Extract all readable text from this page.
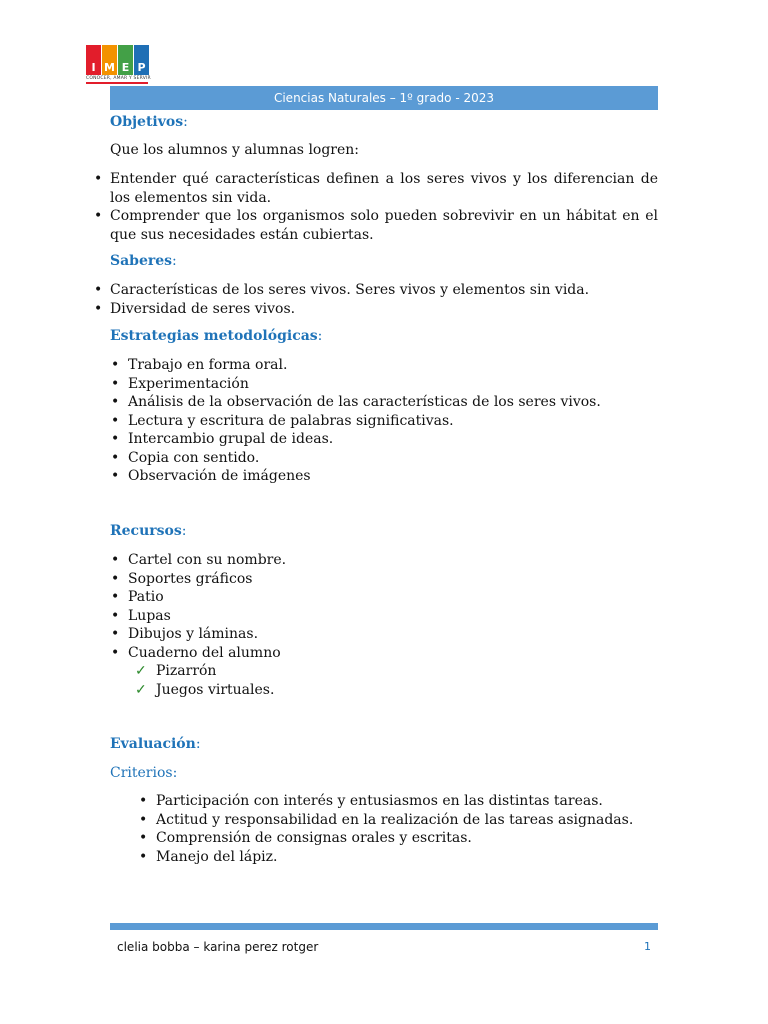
I M E P
CONOCER, AMAR Y SERVIR
Ciencias Naturales – 1º grado - 2023
Objetivos:

Que los alumnos y alumnas logren:

• Entender qué características definen a los seres vivos y los diferencian de los elementos sin vida.
• Comprender que los organismos solo pueden sobrevivir en un hábitat en el que sus necesidades están cubiertas.
Saberes:
• Características de los seres vivos. Seres vivos y elementos sin vida.
• Diversidad de seres vivos.
Estrategias metodológicas:
• Trabajo en forma oral.
• Experimentación
• Análisis de la observación de las características de los seres vivos.
• Lectura y escritura de palabras significativas.
• Intercambio grupal de ideas.
• Copia con sentido.
• Observación de imágenes
Recursos:
• Cartel con su nombre.
• Soportes gráficos
• Patio
• Lupas
• Dibujos y láminas.
• Cuaderno del alumno
✓ Pizarrón
✓ Juegos virtuales.
Evaluación:
Criterios:
• Participación con interés y entusiasmos en las distintas tareas.
• Actitud y responsabilidad en la realización de las tareas asignadas.
• Comprensión de consignas orales y escritas.
• Manejo del lápiz.
clelia bobba – karina perez rotger	1
